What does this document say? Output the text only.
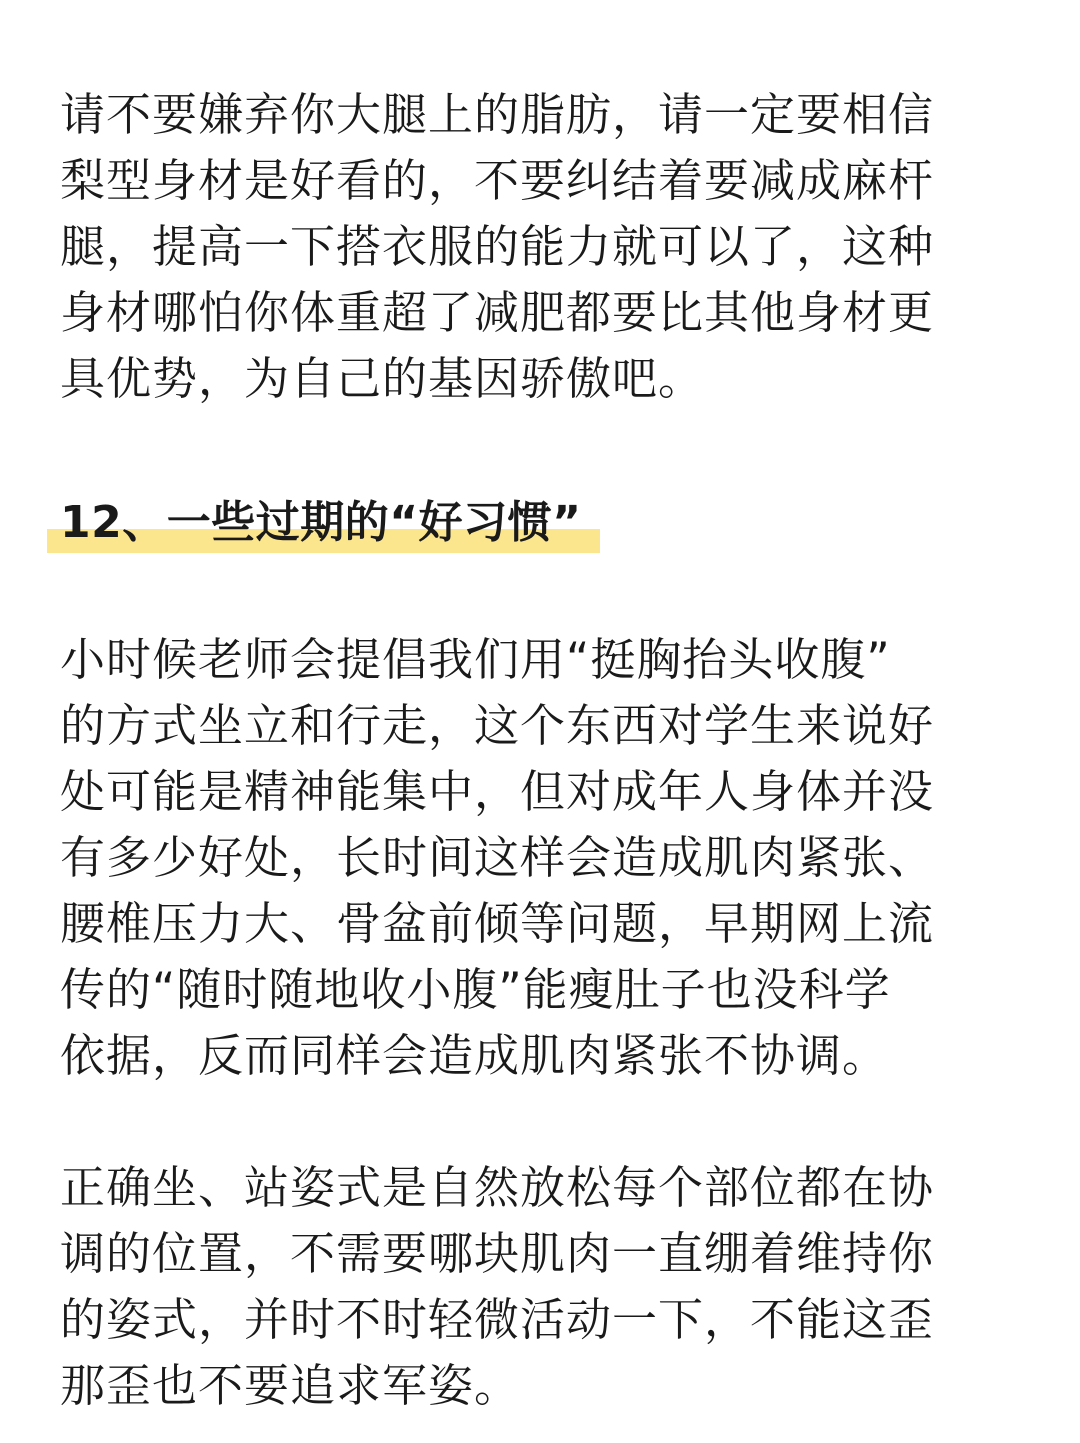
请不要嫌弃你大腿上的脂肪，请一定要相信
梨型身材是好看的，不要纠结着要减成麻杆
腿，提高一下搭衣服的能力就可以了，这种
身材哪怕你体重超了减肥都要比其他身材更
具优势，为自己的基因骄傲吧。

12、一些过期的“好习惯”

小时候老师会提倡我们用“挺胸抬头收腹”
的方式坐立和行走，这个东西对学生来说好
处可能是精神能集中，但对成年人身体并没
有多少好处，长时间这样会造成肌肉紧张、
腰椎压力大、骨盆前倾等问题，早期网上流
传的“随时随地收小腹”能瘦肚子也没科学
依据，反而同样会造成肌肉紧张不协调。

正确坐、站姿式是自然放松每个部位都在协
调的位置，不需要哪块肌肉一直绷着维持你
的姿式，并时不时轻微活动一下，不能这歪
那歪也不要追求军姿。
